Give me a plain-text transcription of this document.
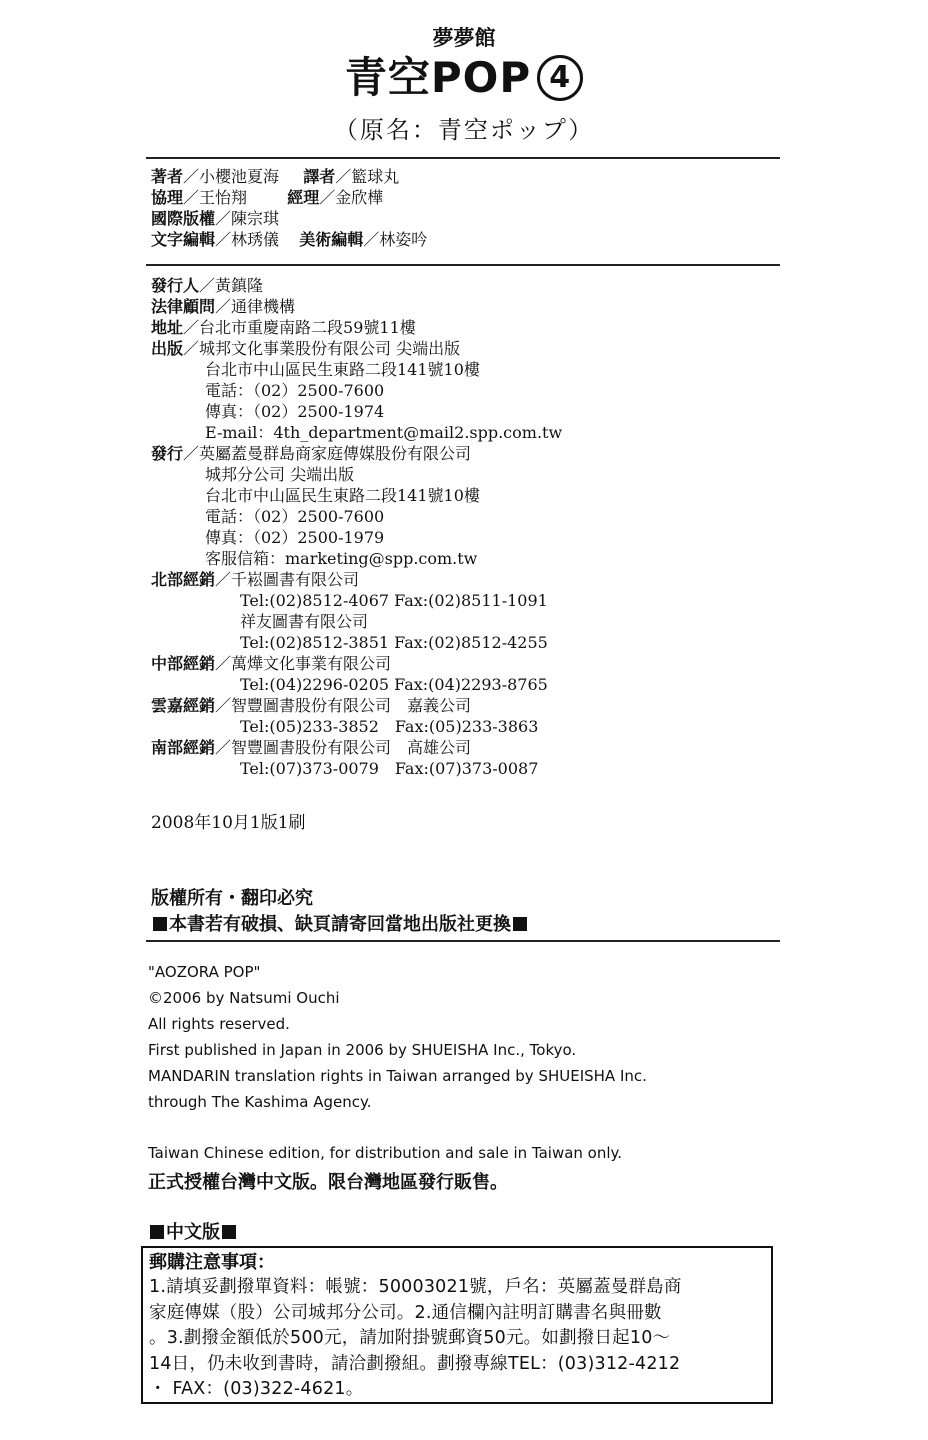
夢夢館
青空POP 4
（原名：青空ポップ）
著者／小櫻池夏海 譯者／籃球丸
協理／王怡翔	經理／金欣樺
國際版權／陳宗琪
文字編輯／林琇儀 美術編輯／林姿吟
發行人／黃鎮隆
法律顧問／通律機構
地址／台北市重慶南路二段59號11樓
出版／城邦文化事業股份有限公司 尖端出版
台北市中山區民生東路二段141號10樓
電話：（02）2500-7600
傳真：（02）2500-1974
E-mail：4th_department@mail2.spp.com.tw
發行／英屬蓋曼群島商家庭傳媒股份有限公司
城邦分公司 尖端出版
台北市中山區民生東路二段141號10樓
電話：（02）2500-7600
傳真：（02）2500-1979
客服信箱：marketing@spp.com.tw
北部經銷／千崧圖書有限公司
Tel:(02)8512-4067 Fax:(02)8511-1091
祥友圖書有限公司
Tel:(02)8512-3851 Fax:(02)8512-4255
中部經銷／萬燁文化事業有限公司
Tel:(04)2296-0205 Fax:(04)2293-8765
雲嘉經銷／智豐圖書股份有限公司　嘉義公司
Tel:(05)233-3852　Fax:(05)233-3863
南部經銷／智豐圖書股份有限公司　高雄公司
Tel:(07)373-0079　Fax:(07)373-0087
2008年10月1版1刷
版權所有・翻印必究
本書若有破損、缺頁請寄回當地出版社更換
"AOZORA POP"
©2006 by Natsumi Ouchi
All rights reserved.
First published in Japan in 2006 by SHUEISHA Inc., Tokyo.
MANDARIN translation rights in Taiwan arranged by SHUEISHA Inc.
through The Kashima Agency.
Taiwan Chinese edition, for distribution and sale in Taiwan only.
正式授權台灣中文版。限台灣地區發行販售。
中文版
郵購注意事項：
1.請填妥劃撥單資料：帳號：50003021號，戶名：英屬蓋曼群島商
家庭傳媒（股）公司城邦分公司。2.通信欄內註明訂購書名與冊數
。3.劃撥金額低於500元，請加附掛號郵資50元。如劃撥日起10～
14日，仍未收到書時，請洽劃撥組。劃撥專線TEL：(03)312-4212
・ FAX：(03)322-4621。
